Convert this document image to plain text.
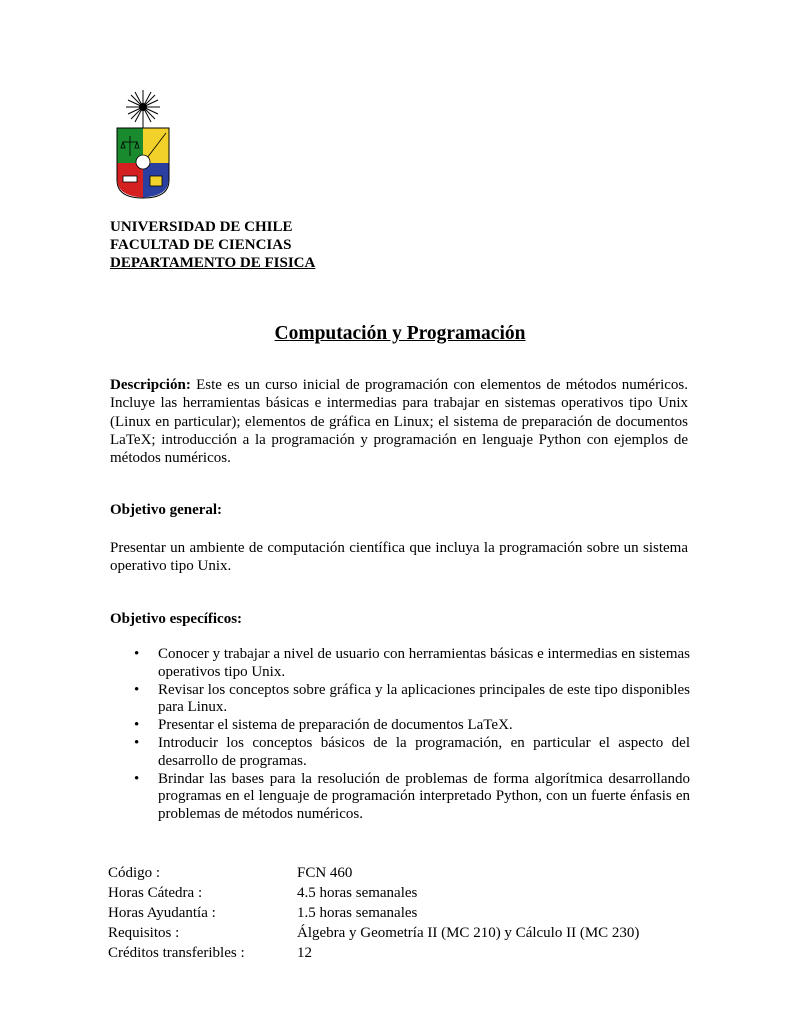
UNIVERSIDAD DE CHILE
FACULTAD DE CIENCIAS
DEPARTAMENTO DE FISICA
Computación y Programación
Descripción: Este es un curso inicial de programación con elementos de métodos numéricos. Incluye las herramientas básicas e intermedias para trabajar en sistemas operativos tipo Unix (Linux en particular); elementos de gráfica en Linux; el sistema de preparación de documentos LaTeX; introducción a la programación y programación en lenguaje Python con ejemplos de métodos numéricos.
Objetivo general:
Presentar un ambiente de computación científica que incluya la programación sobre un sistema operativo tipo Unix.
Objetivo específicos:
• Conocer y trabajar a nivel de usuario con herramientas básicas e intermedias en sistemas operativos tipo Unix.
• Revisar los conceptos sobre gráfica y la aplicaciones principales de este tipo disponibles para Linux.
• Presentar el sistema de preparación de documentos LaTeX.
• Introducir los conceptos básicos de la programación, en particular el aspecto del desarrollo de programas.
• Brindar las bases para la resolución de problemas de forma algorítmica desarrollando programas en el lenguaje de programación interpretado Python, con un fuerte énfasis en problemas de métodos numéricos.
Código :	FCN 460
Horas Cátedra :	4.5 horas semanales
Horas Ayudantía :	1.5 horas semanales
Requisitos :	Álgebra y Geometría II (MC 210) y Cálculo II (MC 230)
Créditos transferibles :	12
